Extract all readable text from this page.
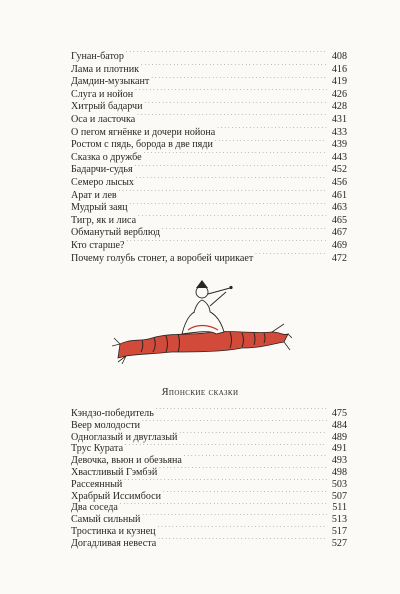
Гунан-батор . . .	408
Лама и плотник . . .	416
Дамдин-музыкант . . .	419
Слуга и нойон . . .	426
Хитрый бадарчи . . .	428
Оса и ласточка . . .	431
О пегом ягнёнке и дочери нойона . . .	433
Ростом с пядь, борода в две пяди . . .	439
Сказка о дружбе . . .	443
Бадарчи-судья . . .	452
Семеро лысых . . .	456
Арат и лев . . .	461
Мудрый заяц . . .	463
Тигр, як и лиса . . .	465
Обманутый верблюд . . .	467
Кто старше? . . .	469
Почему голубь стонет, а воробей чирикает . . .	472
Японские сказки
Кэндзо-победитель . . .	475
Веер молодости . . .	484
Одноглазый и двуглазый . . .	489
Трус Курата . . .	491
Девочка, вьюн и обезьяна . . .	493
Хвастливый Гэмбэй . . .	498
Рассеянный . . .	503
Храбрый Иссимбоси . . .	507
Два соседа . . .	511
Самый сильный . . .	513
Тростинка и кузнец . . .	517
Догадливая невеста . . .	527
